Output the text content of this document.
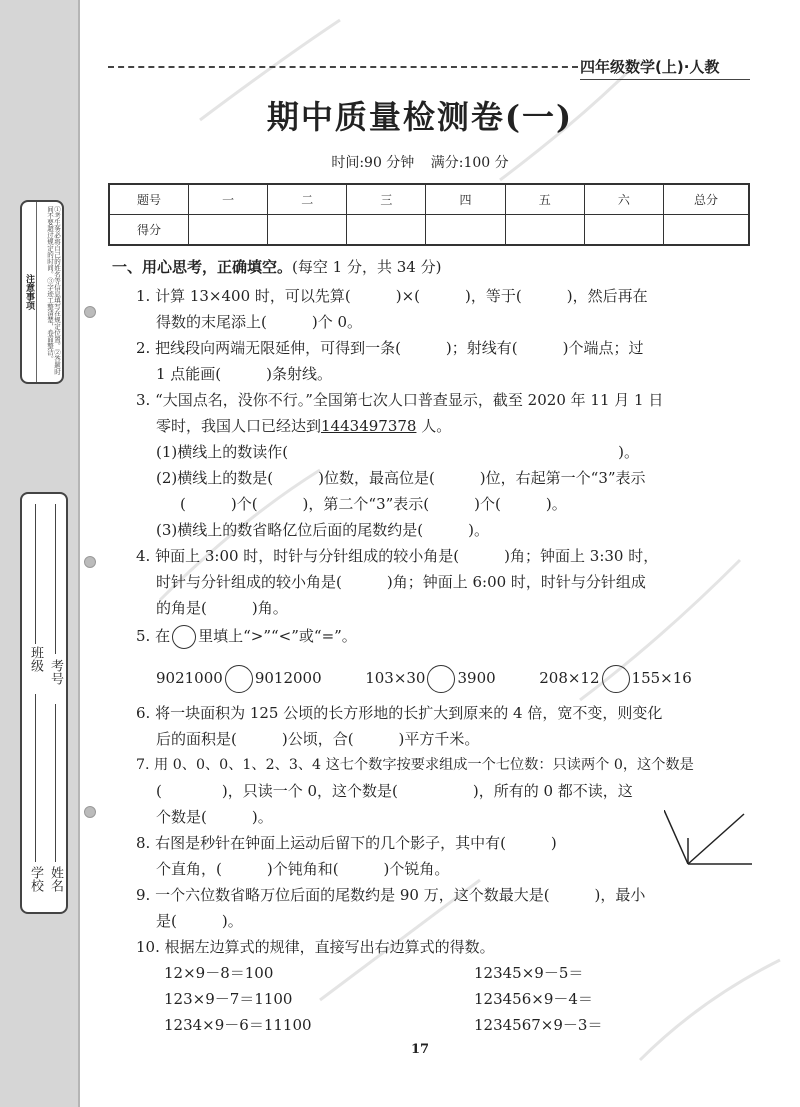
注意事项	①考生务必将自己的姓名等信息填写在规定位置。②答题时间不要超过规定的时间。③字迹工整清楚，卷面整洁。
学校 姓名
班级 考号
四年级数学(上)·人教
期中质量检测卷(一)
时间:90 分钟 满分:100 分
题号	一	二	三	四	五	六	总分
得分							
一、用心思考，正确填空。(每空 1 分，共 34 分)
1. 计算 13×400 时，可以先算(　　　)×(　　　)，等于(　　　)，然后再在
得数的末尾添上(　　　)个 0。
2. 把线段向两端无限延伸，可得到一条(　　　)；射线有(　　　)个端点；过
1 点能画(　　　)条射线。
3. “大国点名，没你不行。”全国第七次人口普查显示，截至 2020 年 11 月 1 日
零时，我国人口已经达到1443497378 人。
(1)横线上的数读作(　　　　　　　　　　　　　　　　　　　　　　)。
(2)横线上的数是(　　　)位数，最高位是(　　　)位，右起第一个“3”表示
(　　　)个(　　　)，第二个“3”表示(　　　)个(　　　)。
(3)横线上的数省略亿位后面的尾数约是(　　　)。
4. 钟面上 3:00 时，时针与分针组成的较小角是(　　　)角；钟面上 3:30 时，
时针与分针组成的较小角是(　　　)角；钟面上 6:00 时，时针与分针组成
的角是(　　　)角。
5. 在 里填上“>”“<”或“=”。
9021000 9012000	103×30 3900	208×12 155×16
6. 将一块面积为 125 公顷的长方形地的长扩大到原来的 4 倍，宽不变，则变化
后的面积是(　　　)公顷，合(　　　)平方千米。
7. 用 0、0、0、1、2、3、4 这七个数字按要求组成一个七位数：只读两个 0，这个数是
(　　　　)，只读一个 0，这个数是(　　　　　)，所有的 0 都不读，这
个数是(　　　)。
8. 右图是秒针在钟面上运动后留下的几个影子，其中有(　　　)
个直角，(　　　)个钝角和(　　　)个锐角。
9. 一个六位数省略万位后面的尾数约是 90 万，这个数最大是(　　　)，最小
是(　　　)。
10. 根据左边算式的规律，直接写出右边算式的得数。
12×9－8＝100	12345×9－5＝
123×9－7＝1100	123456×9－4＝
1234×9－6＝11100	1234567×9－3＝
17
